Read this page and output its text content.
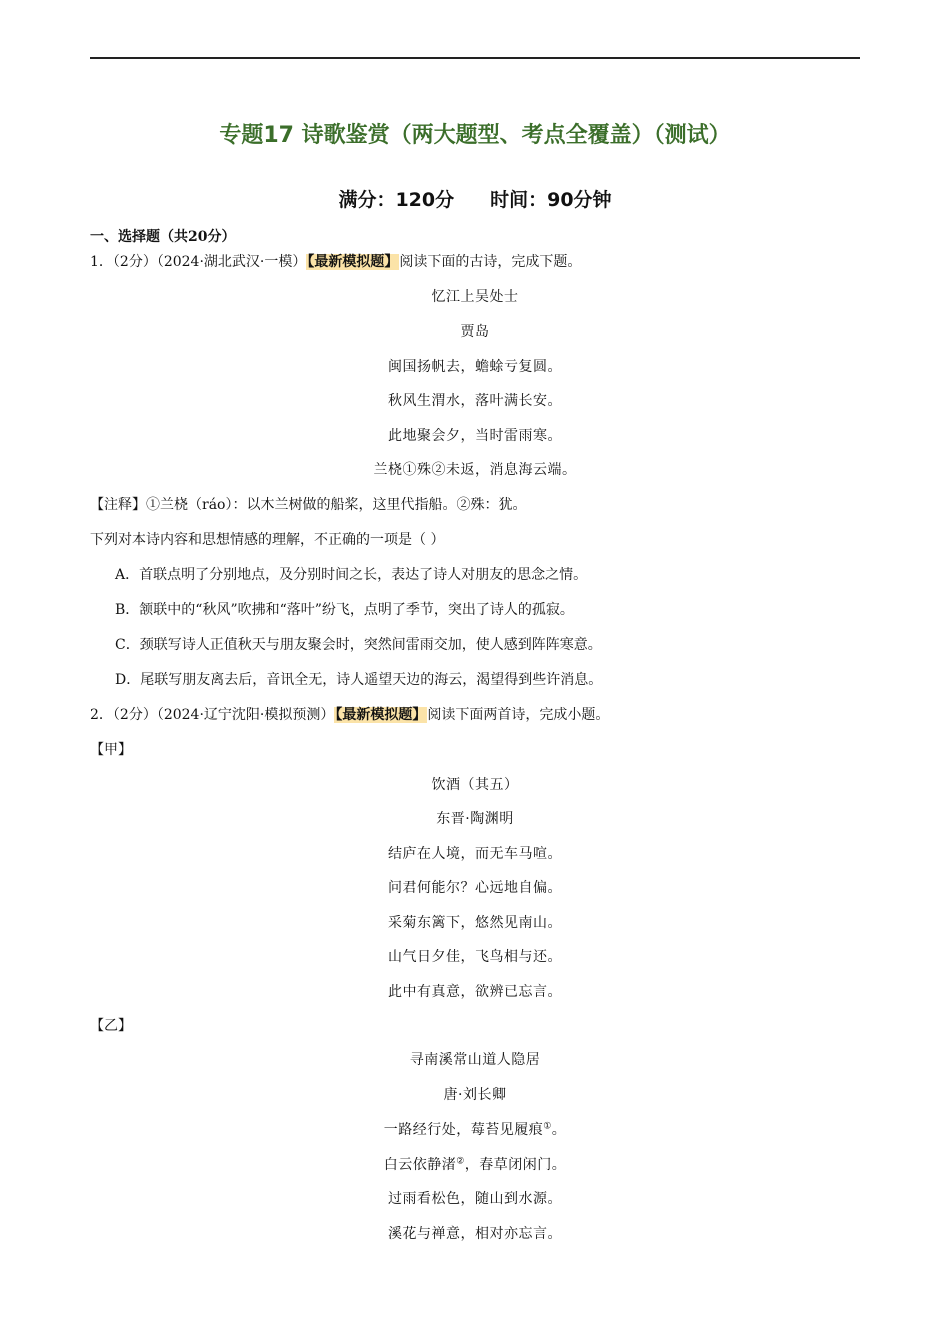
专题17 诗歌鉴赏（两大题型、考点全覆盖）（测试）
满分：120分 时间：90分钟
一、选择题（共20分）
1．（2分）（2024·湖北武汉·一模）【最新模拟题】阅读下面的古诗，完成下题。
忆江上吴处士
贾岛
闽国扬帆去，蟾蜍亏复圆。
秋风生渭水，落叶满长安。
此地聚会夕，当时雷雨寒。
兰桡①殊②未返，消息海云端。
【注释】①兰桡（ráo）：以木兰树做的船桨，这里代指船。②殊：犹。
下列对本诗内容和思想情感的理解，不正确的一项是（ ）
A．首联点明了分别地点，及分别时间之长，表达了诗人对朋友的思念之情。
B．颔联中的“秋风”吹拂和“落叶”纷飞，点明了季节，突出了诗人的孤寂。
C．颈联写诗人正值秋天与朋友聚会时，突然间雷雨交加，使人感到阵阵寒意。
D．尾联写朋友离去后，音讯全无，诗人遥望天边的海云，渴望得到些许消息。
2．（2分）（2024·辽宁沈阳·模拟预测）【最新模拟题】阅读下面两首诗，完成小题。
【甲】
饮酒（其五）
东晋·陶渊明
结庐在人境，而无车马喧。
问君何能尔？心远地自偏。
采菊东篱下，悠然见南山。
山气日夕佳，飞鸟相与还。
此中有真意，欲辨已忘言。
【乙】
寻南溪常山道人隐居
唐·刘长卿
一路经行处，莓苔见履痕①。
白云依静渚②，春草闭闲门。
过雨看松色，随山到水源。
溪花与禅意，相对亦忘言。
